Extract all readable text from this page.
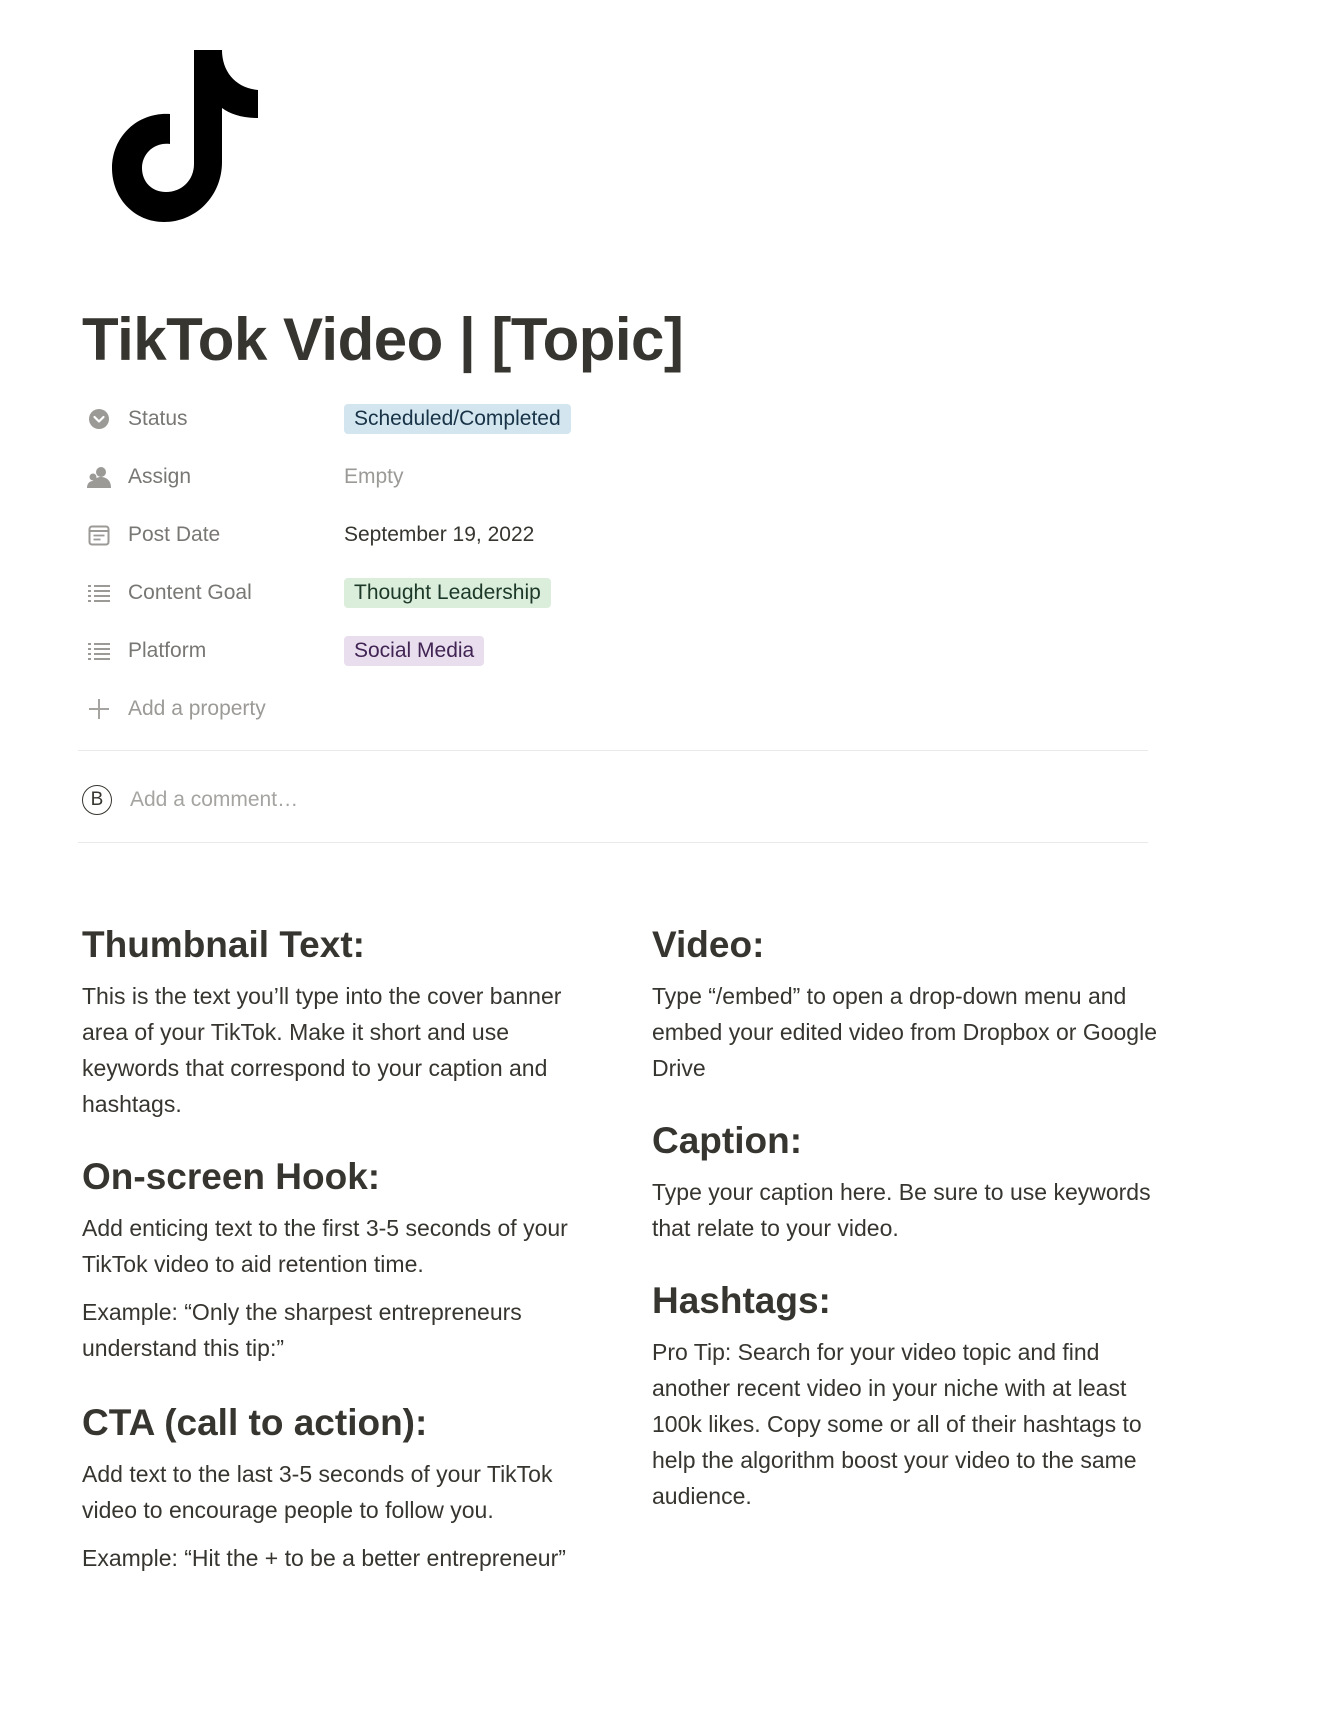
TikTok Video | [Topic]
Status	Scheduled/Completed
Assign	Empty
Post Date	September 19, 2022
Content Goal	Thought Leadership
Platform	Social Media
Add a property
B
Add a comment…
Thumbnail Text:

This is the text you’ll type into the cover banner area of your TikTok. Make it short and use keywords that correspond to your caption and hashtags.

On-screen Hook:

Add enticing text to the first 3-5 seconds of your TikTok video to aid retention time.

Example: “Only the sharpest entrepreneurs understand this tip:”

CTA (call to action):

Add text to the last 3-5 seconds of your TikTok video to encourage people to follow you.

Example: “Hit the + to be a better entrepreneur”

Video:

Type “/embed” to open a drop-down menu and embed your edited video from Dropbox or Google Drive

Caption:

Type your caption here. Be sure to use keywords that relate to your video.

Hashtags:

Pro Tip: Search for your video topic and find another recent video in your niche with at least 100k likes. Copy some or all of their hashtags to help the algorithm boost your video to the same audience.
